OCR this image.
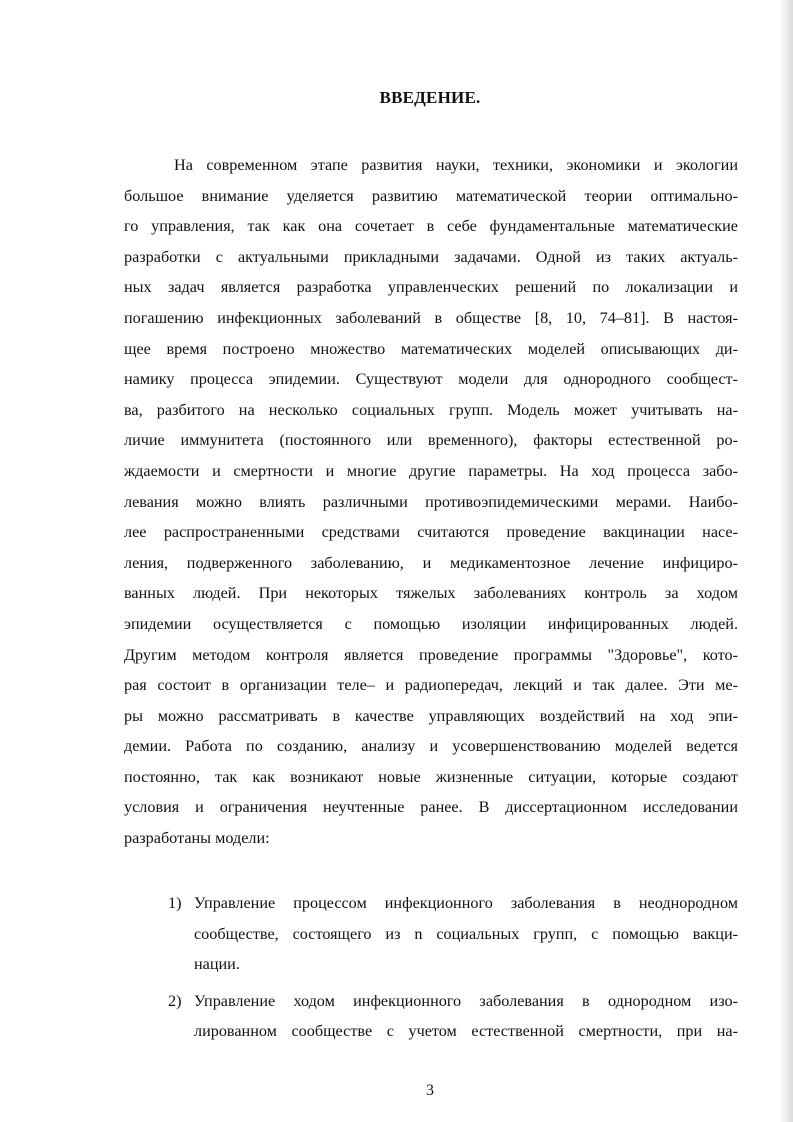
ВВЕДЕНИЕ.
На современном этапе развития науки, техники, экономики и экологии
большое внимание уделяется развитию математической теории оптимально-
го управления, так как она сочетает в себе фундаментальные математические
разработки с актуальными прикладными задачами. Одной из таких актуаль-
ных задач является разработка управленческих решений по локализации и
погашению инфекционных заболеваний в обществе [8, 10, 74–81]. В настоя-
щее время построено множество математических моделей описывающих ди-
намику процесса эпидемии. Существуют модели для однородного сообщест-
ва, разбитого на несколько социальных групп. Модель может учитывать на-
личие иммунитета (постоянного или временного), факторы естественной ро-
ждаемости и смертности и многие другие параметры. На ход процесса забо-
левания можно влиять различными противоэпидемическими мерами. Наибо-
лее распространенными средствами считаются проведение вакцинации насе-
ления, подверженного заболеванию, и медикаментозное лечение инфициро-
ванных людей. При некоторых тяжелых заболеваниях контроль за ходом
эпидемии осуществляется с помощью изоляции инфицированных людей.
Другим методом контроля является проведение программы "Здоровье", кото-
рая состоит в организации теле– и радиопередач, лекций и так далее. Эти ме-
ры можно рассматривать в качестве управляющих воздействий на ход эпи-
демии. Работа по созданию, анализу и усовершенствованию моделей ведется
постоянно, так как возникают новые жизненные ситуации, которые создают
условия и ограничения неучтенные ранее. В диссертационном исследовании
разработаны модели:
1) Управление процессом инфекционного заболевания в неоднородном
сообществе, состоящего из n социальных групп, с помощью вакци-
нации.
2) Управление ходом инфекционного заболевания в однородном изо-
лированном сообществе с учетом естественной смертности, при на-
3
